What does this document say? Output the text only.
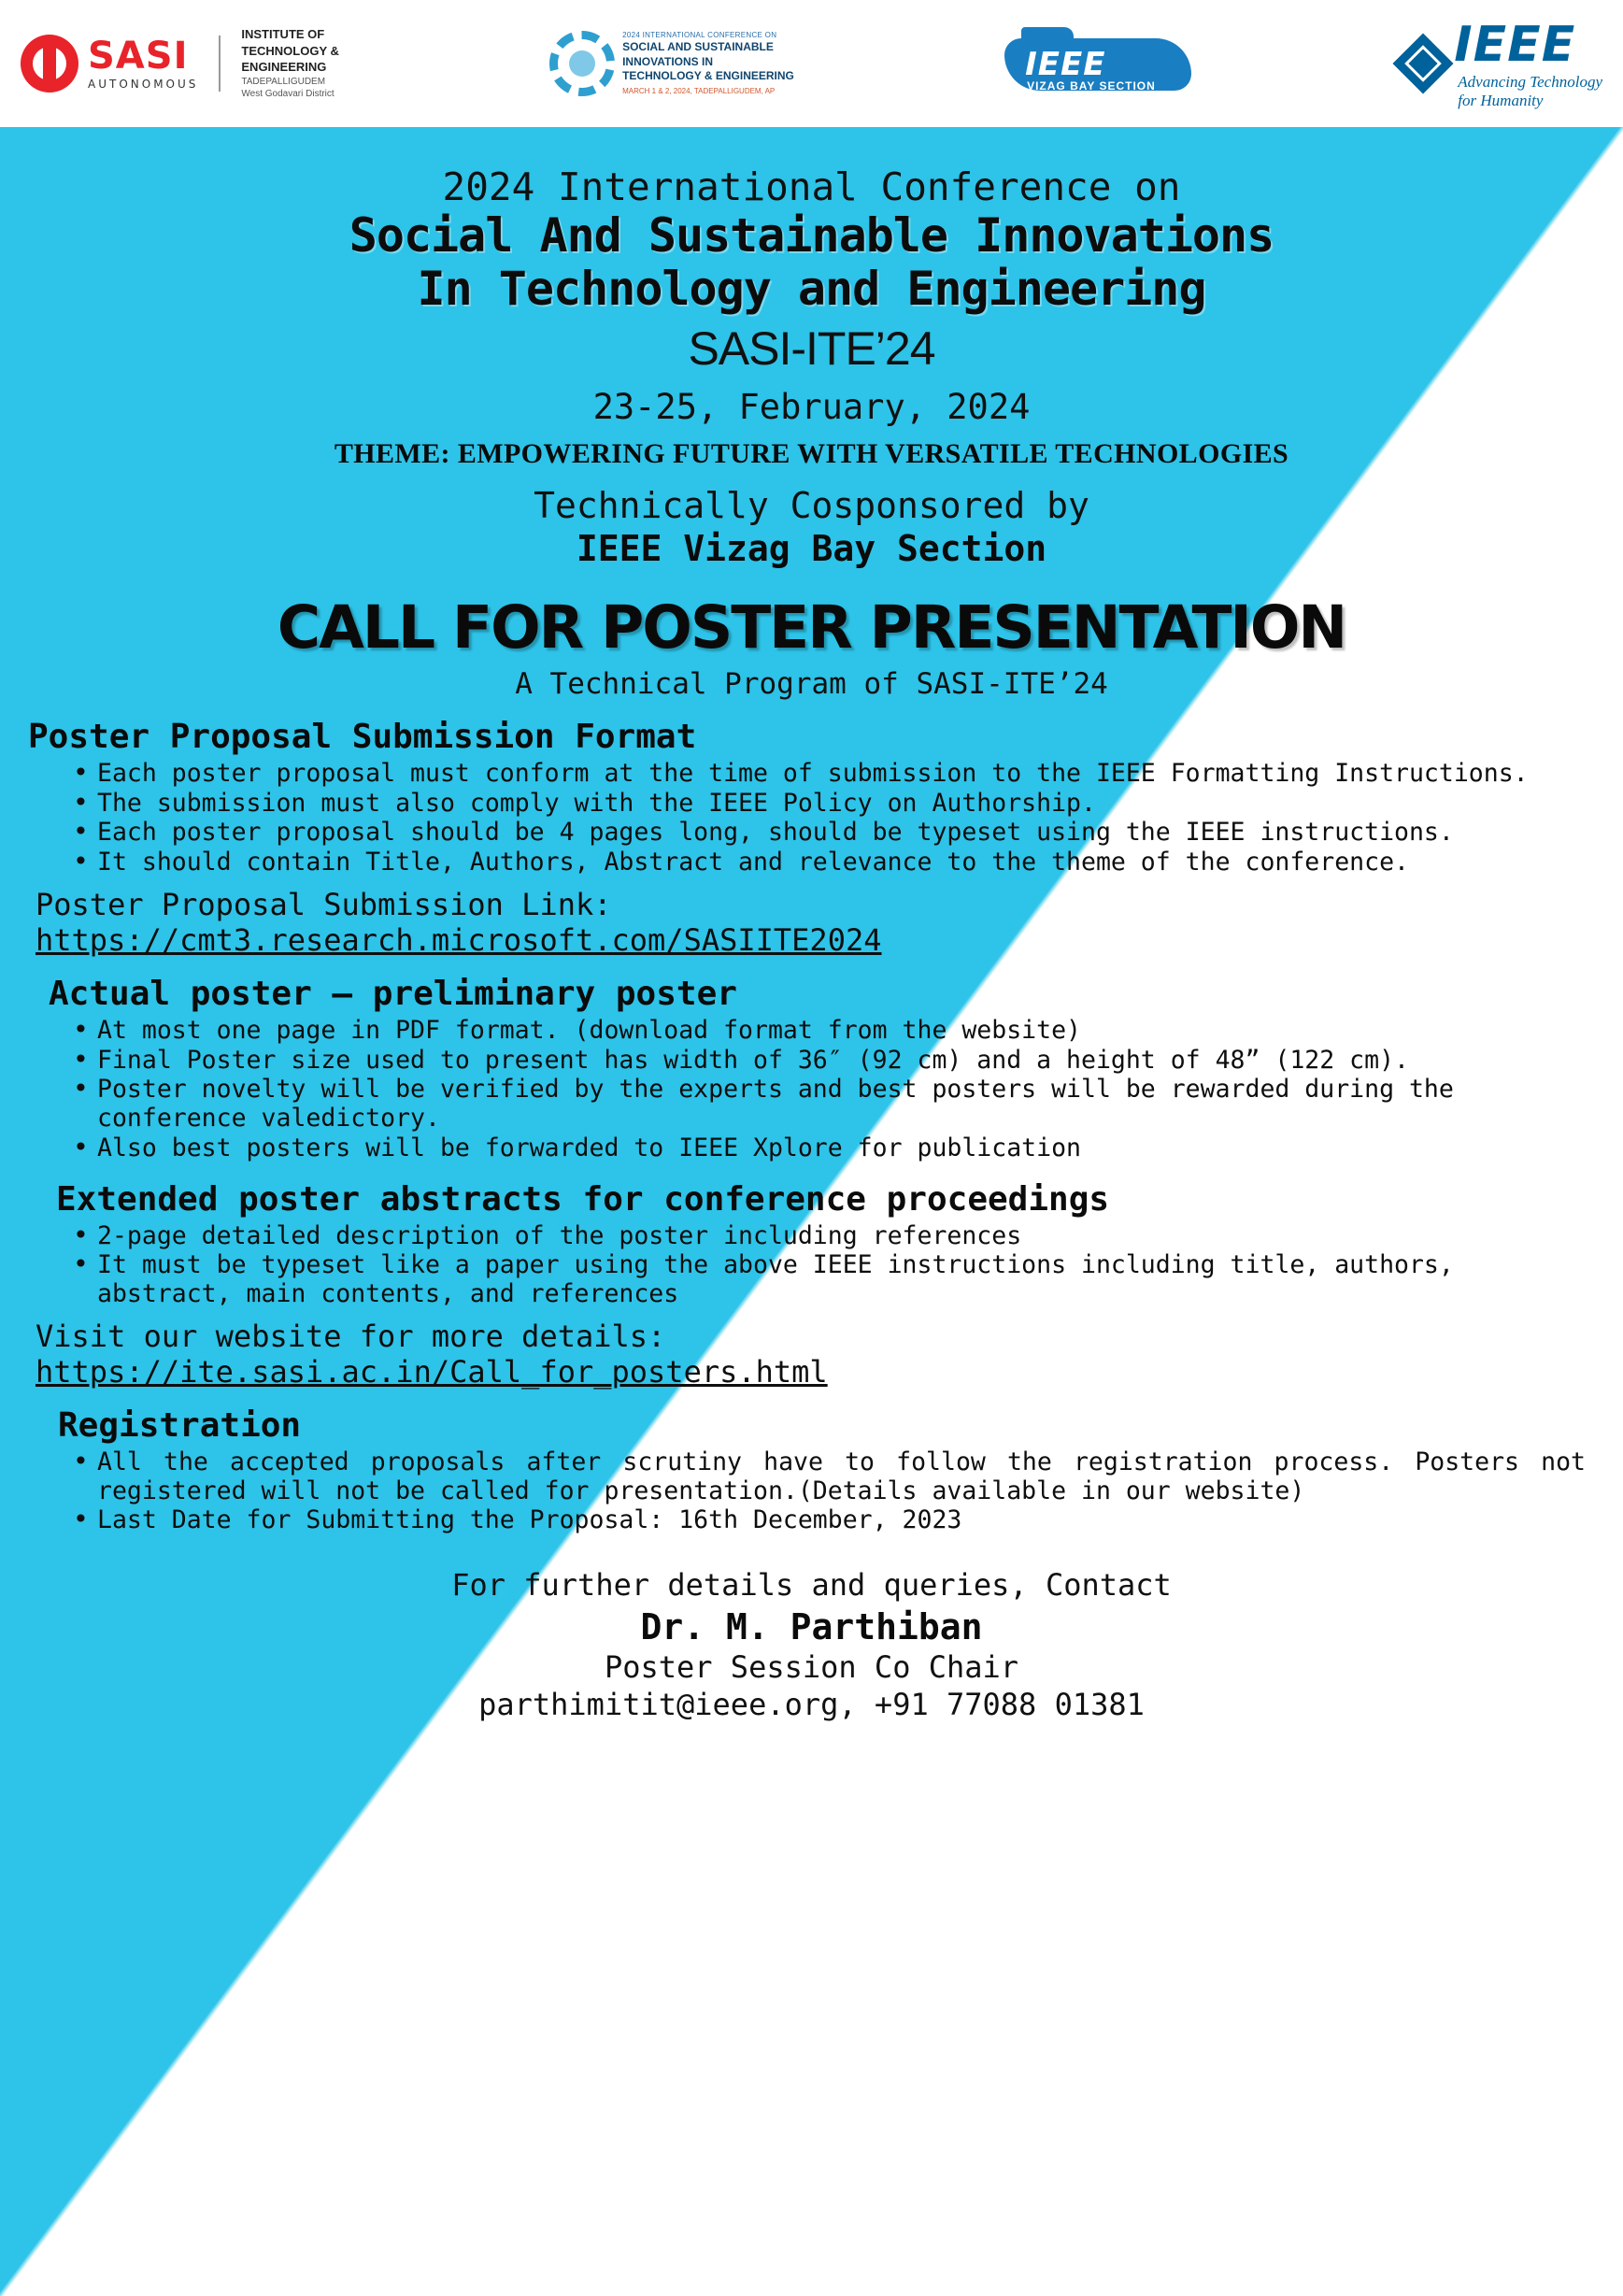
SASI
AUTONOMOUS
INSTITUTE OF
TECHNOLOGY &
ENGINEERING
TADEPALLIGUDEM
West Godavari District
2024 INTERNATIONAL CONFERENCE ON
SOCIAL AND SUSTAINABLE
INNOVATIONS IN
TECHNOLOGY & ENGINEERING
MARCH 1 & 2, 2024, TADEPALLIGUDEM, AP
IEEE
VIZAG BAY SECTION
IEEE
Advancing Technology
for Humanity
2024 International Conference on
Social And Sustainable Innovations
In Technology and Engineering
SASI-ITE’24
23-25, February, 2024
THEME: EMPOWERING FUTURE WITH VERSATILE TECHNOLOGIES
Technically Cosponsored by
IEEE Vizag Bay Section
CALL FOR POSTER PRESENTATION
A Technical Program of SASI-ITE’24
Poster Proposal Submission Format
• Each poster proposal must conform at the time of submission to the IEEE Formatting Instructions.
• The submission must also comply with the IEEE Policy on Authorship.
• Each poster proposal should be 4 pages long, should be typeset using the IEEE instructions.
• It should contain Title, Authors, Abstract and relevance to the theme of the conference.
Poster Proposal Submission Link:
https://cmt3.research.microsoft.com/SASIITE2024
Actual poster – preliminary poster
• At most one page in PDF format. (download format from the website)
• Final Poster size used to present has width of 36″ (92 cm) and a height of 48” (122 cm).
• Poster novelty will be verified by the experts and best posters will be rewarded during the conference valedictory.
• Also best posters will be forwarded to IEEE Xplore for publication
Extended poster abstracts for conference proceedings
• 2-page detailed description of the poster including references
• It must be typeset like a paper using the above IEEE instructions including title, authors, abstract, main contents, and references
Visit our website for more details:
https://ite.sasi.ac.in/Call_for_posters.html
Registration
• All the accepted proposals after scrutiny have to follow the registration process. Posters not registered will not be called for presentation.(Details available in our website)
• Last Date for Submitting the Proposal: 16th December, 2023
For further details and queries, Contact
Dr. M. Parthiban
Poster Session Co Chair
parthimitit@ieee.org, +91 77088 01381
